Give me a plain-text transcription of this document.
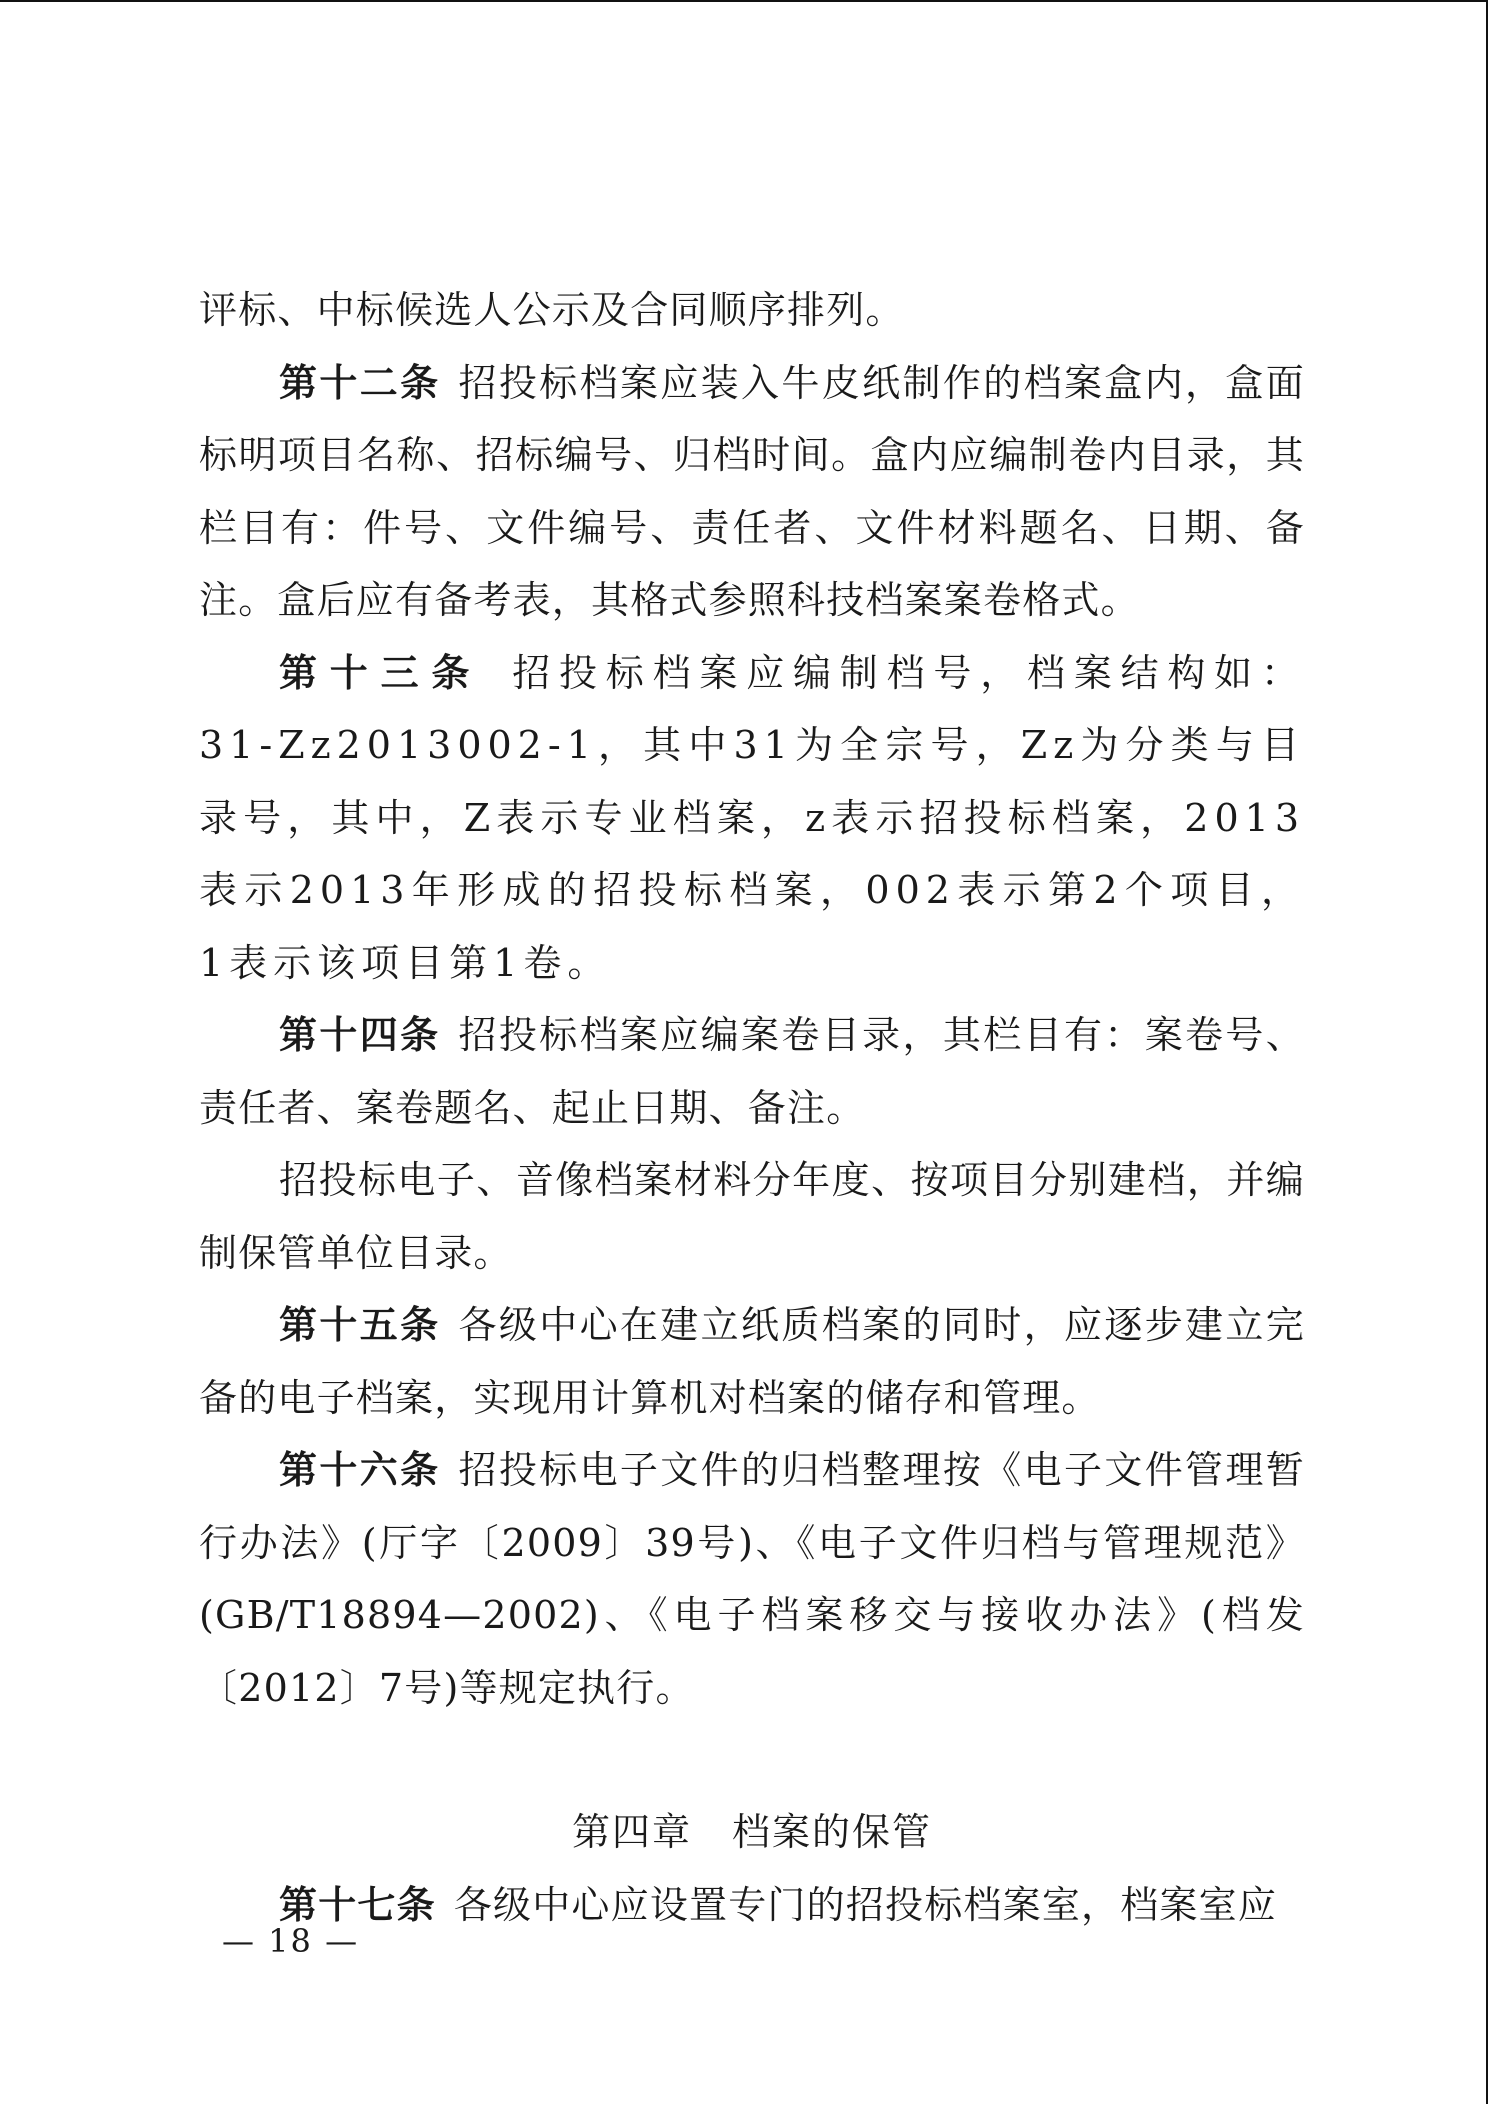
评标、中标候选人公示及合同顺序排列。

第十二条 招投标档案应装入牛皮纸制作的档案盒内，盒面标明项目名称、招标编号、归档时间。盒内应编制卷内目录，其栏目有：件号、文件编号、责任者、文件材料题名、日期、备注。盒后应有备考表，其格式参照科技档案案卷格式。

第十三条 招投标档案应编制档号，档案结构如：31-Zz2013002-1，其中31为全宗号，Zz为分类与目录号，其中，Z表示专业档案，z表示招投标档案，2013表示2013年形成的招投标档案，002表示第2个项目，1表示该项目第1卷。

第十四条 招投标档案应编案卷目录，其栏目有：案卷号、责任者、案卷题名、起止日期、备注。

招投标电子、音像档案材料分年度、按项目分别建档，并编制保管单位目录。

第十五条 各级中心在建立纸质档案的同时，应逐步建立完备的电子档案，实现用计算机对档案的储存和管理。

第十六条 招投标电子文件的归档整理按《电子文件管理暂行办法》(厅字〔2009〕39号)、《电子文件归档与管理规范》(GB/T18894—2002)、《电子档案移交与接收办法》(档发〔2012〕7号)等规定执行。

第四章 档案的保管

第十七条 各级中心应设置专门的招投标档案室，档案室应

— 18 —
